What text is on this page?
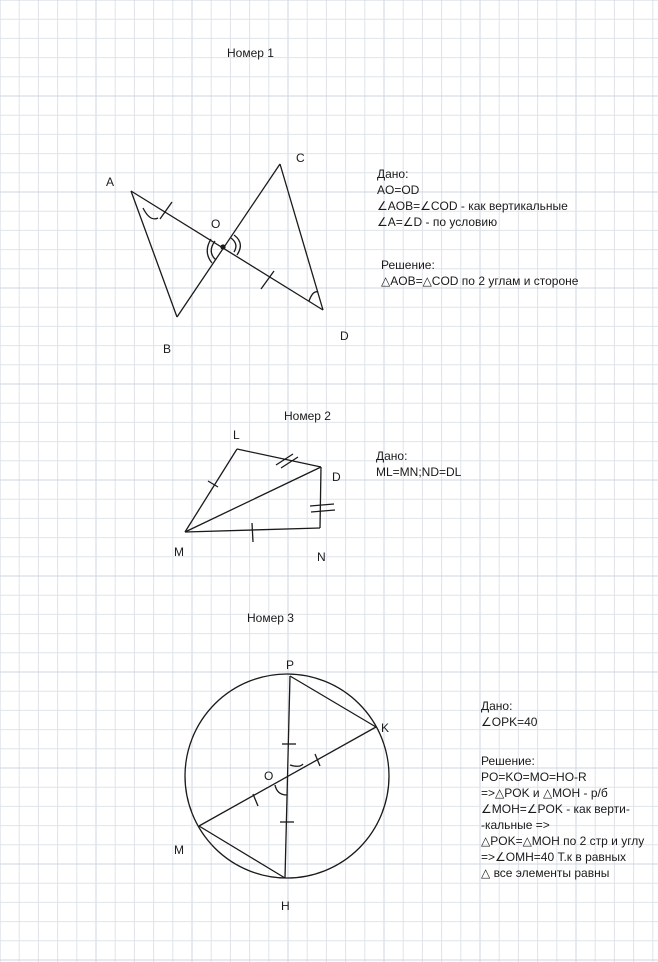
A
B
C
D
O
L
D
M	N
P
K
O
M
H
Номер 1
Номер 2
Номер 3
Дано:
AO=OD
∠AOB=∠COD - как вертикальные
∠A=∠D - по условию
Решение:
△AOB=△COD по 2 углам и стороне
Дано:
ML=MN;ND=DL
Дано:
∠OPK=40
Решение:
PO=KO=MO=HO-R
=>△POK и △MOH - р/б
∠MOH=∠POK - как верти-
-кальные =>
△POK=△MOH по 2 стр и углу
=>∠OMH=40 Т.к в равных
△ все элементы равны
